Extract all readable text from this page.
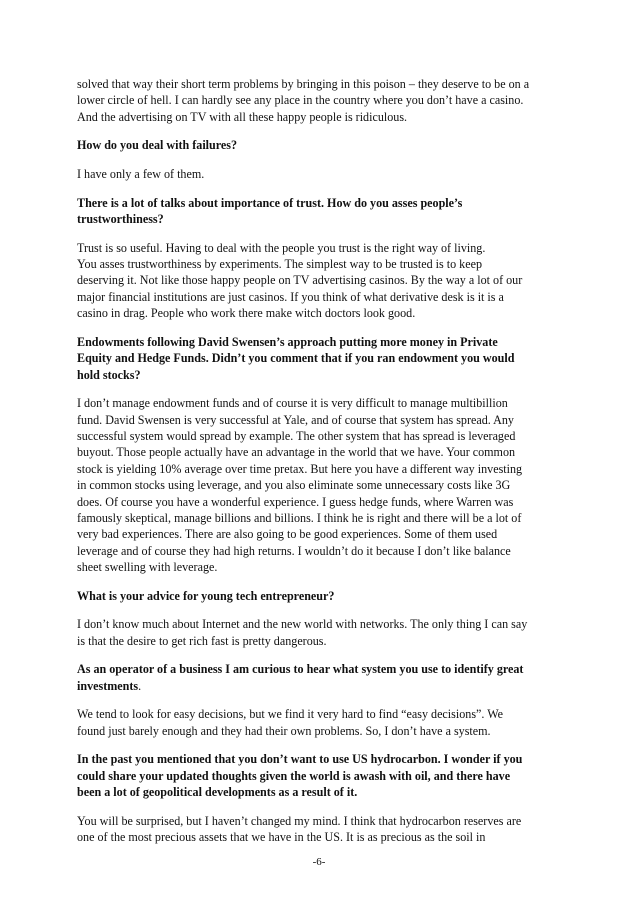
solved that way their short term problems by bringing in this poison – they deserve to be on a
lower circle of hell. I can hardly see any place in the country where you don’t have a casino.
And the advertising on TV with all these happy people is ridiculous.
How do you deal with failures?
I have only a few of them.
There is a lot of talks about importance of trust. How do you asses people’s
trustworthiness?
Trust is so useful. Having to deal with the people you trust is the right way of living.
You asses trustworthiness by experiments. The simplest way to be trusted is to keep
deserving it. Not like those happy people on TV advertising casinos. By the way a lot of our
major financial institutions are just casinos. If you think of what derivative desk is it is a
casino in drag. People who work there make witch doctors look good.
Endowments following David Swensen’s approach putting more money in Private
Equity and Hedge Funds. Didn’t you comment that if you ran endowment you would
hold stocks?
I don’t manage endowment funds and of course it is very difficult to manage multibillion
fund. David Swensen is very successful at Yale, and of course that system has spread. Any
successful system would spread by example. The other system that has spread is leveraged
buyout. Those people actually have an advantage in the world that we have. Your common
stock is yielding 10% average over time pretax. But here you have a different way investing
in common stocks using leverage, and you also eliminate some unnecessary costs like 3G
does. Of course you have a wonderful experience. I guess hedge funds, where Warren was
famously skeptical, manage billions and billions. I think he is right and there will be a lot of
very bad experiences. There are also going to be good experiences. Some of them used
leverage and of course they had high returns. I wouldn’t do it because I don’t like balance
sheet swelling with leverage.
What is your advice for young tech entrepreneur?
I don’t know much about Internet and the new world with networks. The only thing I can say
is that the desire to get rich fast is pretty dangerous.
As an operator of a business I am curious to hear what system you use to identify great
investments.
We tend to look for easy decisions, but we find it very hard to find “easy decisions”. We
found just barely enough and they had their own problems. So, I don’t have a system.
In the past you mentioned that you don’t want to use US hydrocarbon. I wonder if you
could share your updated thoughts given the world is awash with oil, and there have
been a lot of geopolitical developments as a result of it.
You will be surprised, but I haven’t changed my mind. I think that hydrocarbon reserves are
one of the most precious assets that we have in the US. It is as precious as the soil in
-6-
